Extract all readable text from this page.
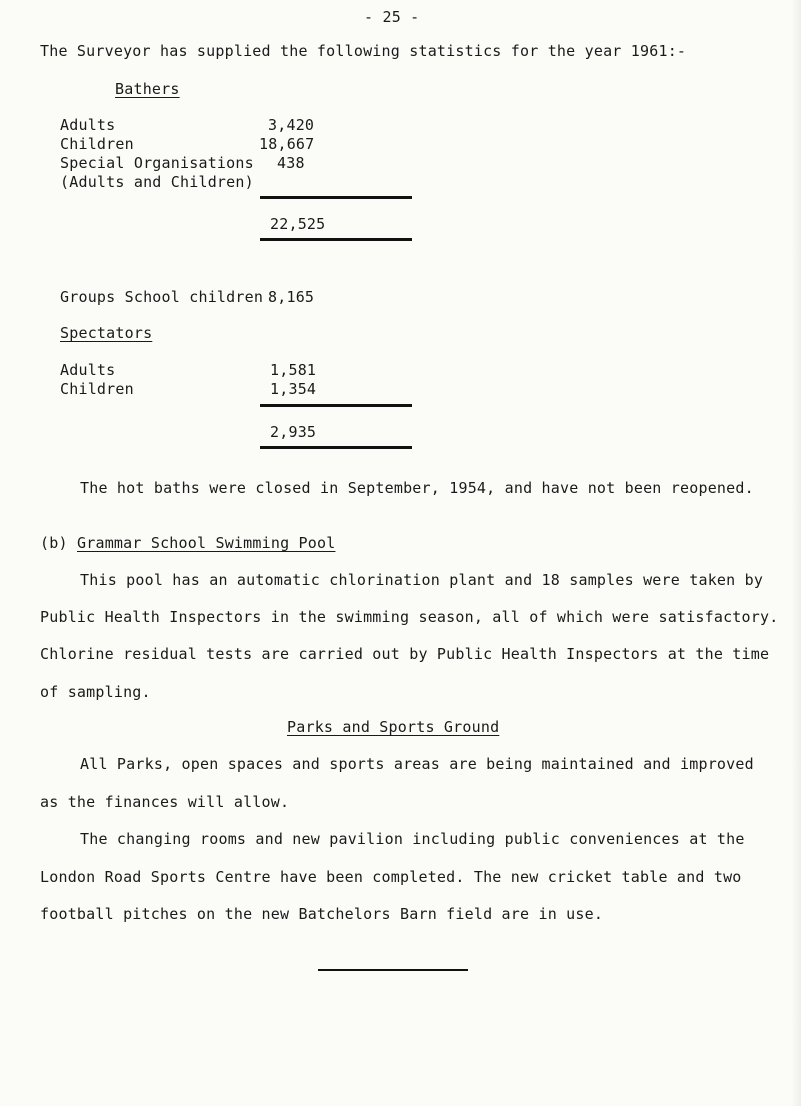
- 25 -
The Surveyor has supplied the following statistics for the year 1961:-
Bathers
Adults	3,420
Children	18,667
Special Organisations 438
(Adults and Children)
22,525
Groups School children 8,165
Spectators
Adults	1,581
Children	1,354
2,935
The hot baths were closed in September, 1954, and have not been reopened.
(b) Grammar School Swimming Pool
This pool has an automatic chlorination plant and 18 samples were taken by
Public Health Inspectors in the swimming season, all of which were satisfactory.
Chlorine residual tests are carried out by Public Health Inspectors at the time
of sampling.
Parks and Sports Ground
All Parks, open spaces and sports areas are being maintained and improved
as the finances will allow.
The changing rooms and new pavilion including public conveniences at the
London Road Sports Centre have been completed. The new cricket table and two
football pitches on the new Batchelors Barn field are in use.
